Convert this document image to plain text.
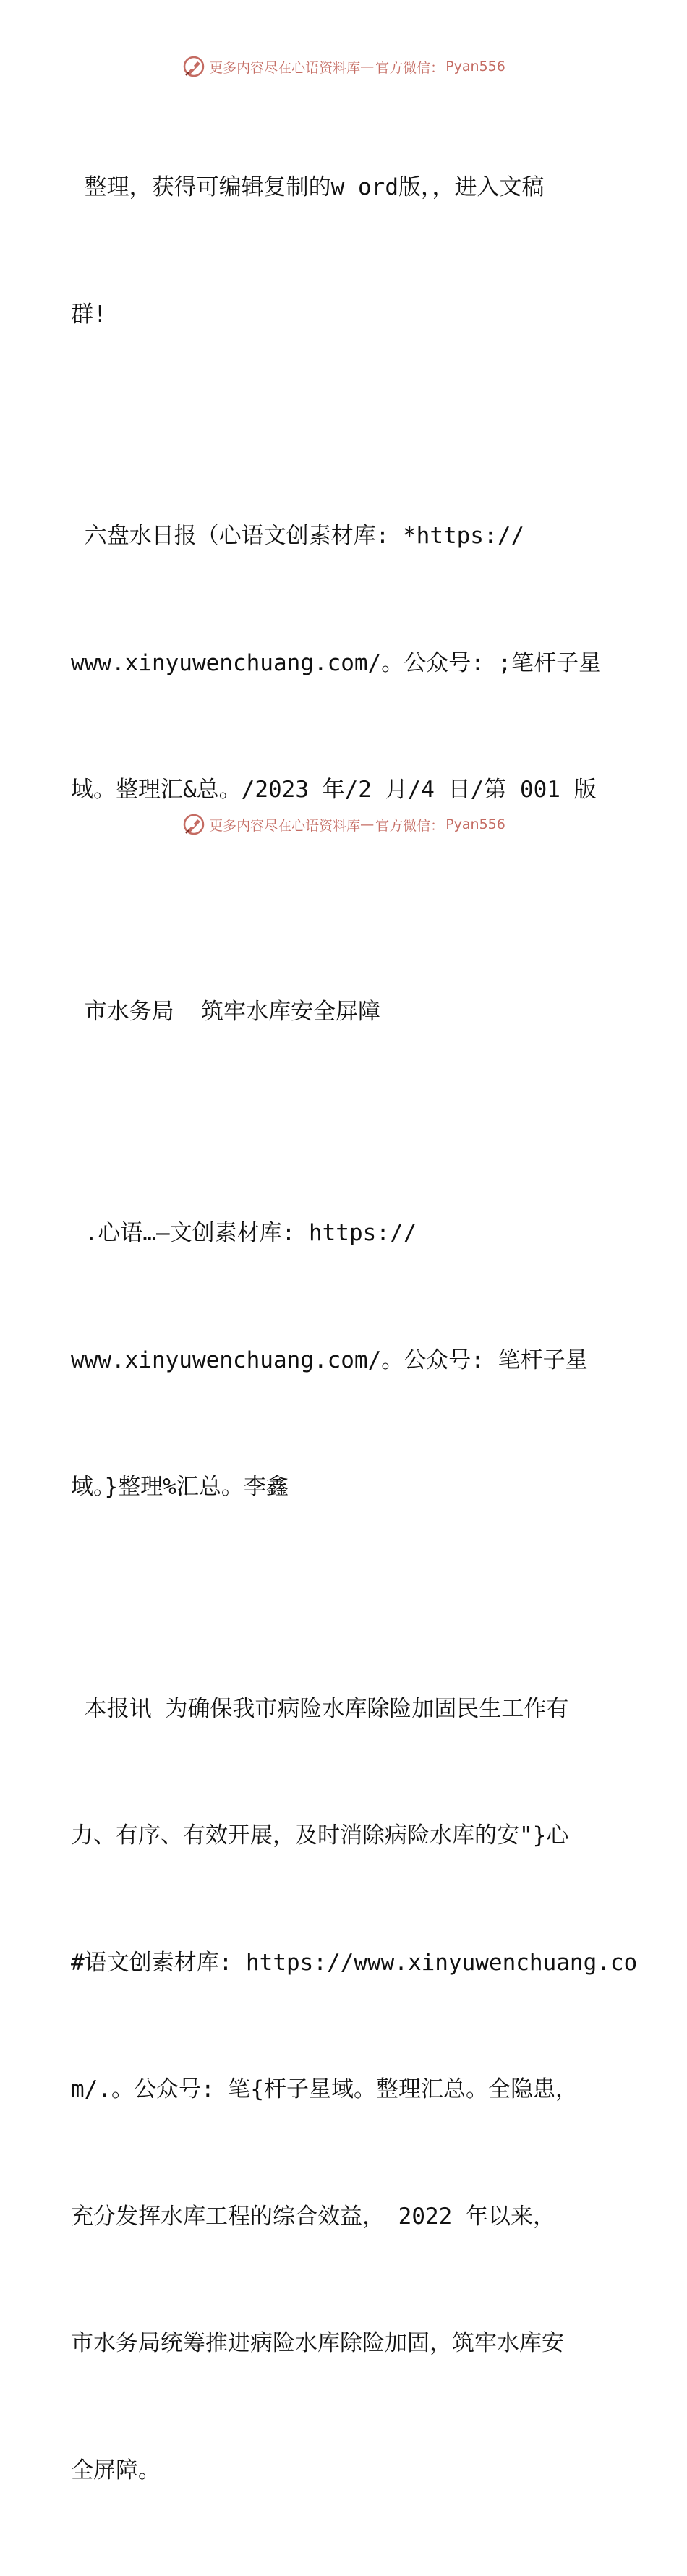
更多内容尽在心语资料库 — 官方微信： Pyan556

整理，获得可编辑复制的w ord版，，进入文稿

群!

六盘水日报（心语文创素材库: *https://

www.xinyuwenchuang.com/。公众号: ;笔杆子星

域。整理汇&总。/2023 年/2 月/4 日/第 001 版

市水务局  筑牢水库安全屏障

.心语…—文创素材库: https://

www.xinyuwenchuang.com/。公众号: 笔杆子星

域。}整理%汇总。李鑫

本报讯 为确保我市病险水库除险加固民生工作有

力、有序、有效开展，及时消除病险水库的安"}心

#语文创素材库: https://www.xinyuwenchuang.co

m/.。公众号: 笔{杆子星域。整理汇总。全隐患，

充分发挥水库工程的综合效益， 2022 年以来，

市水务局统筹推进病险水库除险加固，筑牢水库安

全屏障。

更多内容尽在心语资料库 — 官方微信： Pyan556
